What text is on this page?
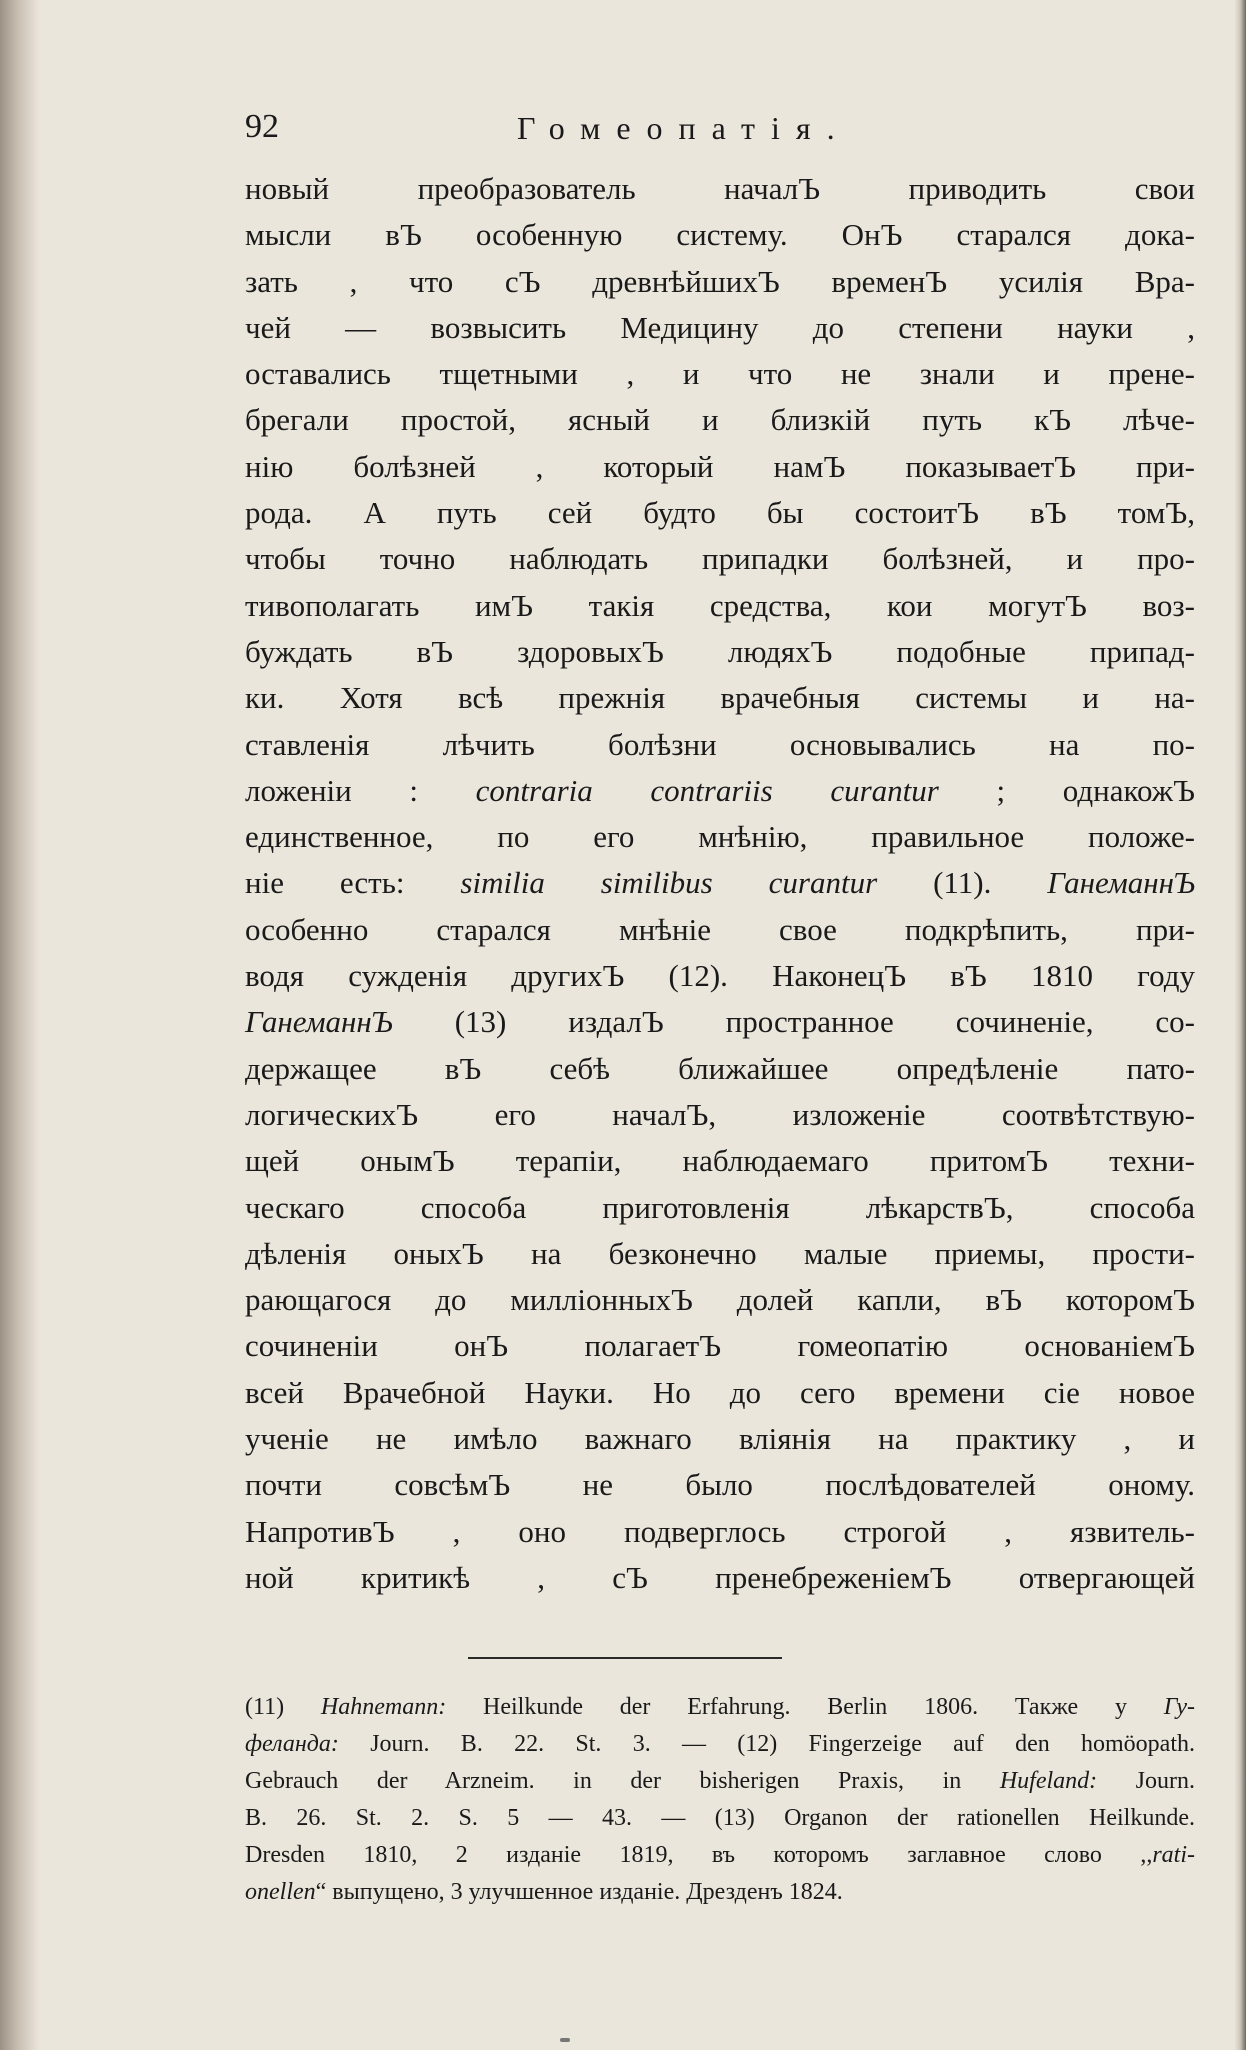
92	Гомеопатія.
новый преобразователь началЪ приводить свои
мысли вЪ особенную систему. ОнЪ старался дока-
зать , что сЪ древнѣйшихЪ временЪ усилія Вра-
чей — возвысить Медицину до степени науки ,
оставались тщетными , и что не знали и прене-
брегали простой, ясный и близкій путь кЪ лѣче-
нію болѣзней , который намЪ показываетЪ при-
рода. А путь сей будто бы состоитЪ вЪ томЪ,
чтобы точно наблюдать припадки болѣзней, и про-
тивополагать имЪ такія средства, кои могутЪ воз-
буждать вЪ здоровыхЪ людяхЪ подобные припад-
ки. Хотя всѣ прежнія врачебныя системы и на-
ставленія лѣчить болѣзни основывались на по-
ложеніи : contraria contrariis curantur ; однакожЪ
единственное, по его мнѣнію, правильное положе-
ніе есть: similia similibus curantur (11). ГанеманнЪ
особенно старался мнѣніе свое подкрѣпить, при-
водя сужденія другихЪ (12). НаконецЪ вЪ 1810 году
ГанеманнЪ (13) издалЪ пространное сочиненіе, со-
держащее вЪ себѣ ближайшее опредѣленіе пато-
логическихЪ его началЪ, изложеніе соотвѣтствую-
щей онымЪ терапіи, наблюдаемаго притомЪ техни-
ческаго способа приготовленія лѣкарствЪ, способа
дѣленія оныхЪ на безконечно малые приемы, прости-
рающагося до милліонныхЪ долей капли, вЪ которомЪ
сочиненіи онЪ полагаетЪ гомеопатію основаніемЪ
всей Врачебной Науки. Но до сего времени сіе новое
ученіе не имѣло важнаго вліянія на практику , и
почти совсѣмЪ не было послѣдователей оному.
НапротивЪ , оно подверглось строгой , язвитель-
ной критикѣ , сЪ пренебреженіемЪ отвергающей
(11) Hahnemann: Heilkunde der Erfahrung. Berlin 1806. Также у Гу-
феланда: Journ. B. 22. St. 3. — (12) Fingerzeige auf den homöopath.
Gebrauch der Arzneim. in der bisherigen Praxis, in Hufeland: Journ.
B. 26. St. 2. S. 5 — 43. — (13) Organon der rationellen Heilkunde.
Dresden 1810, 2 изданіе 1819, въ которомъ заглавное слово ,,rati-
onellen“ выпущено, 3 улучшенное изданіе. Дрезденъ 1824.
